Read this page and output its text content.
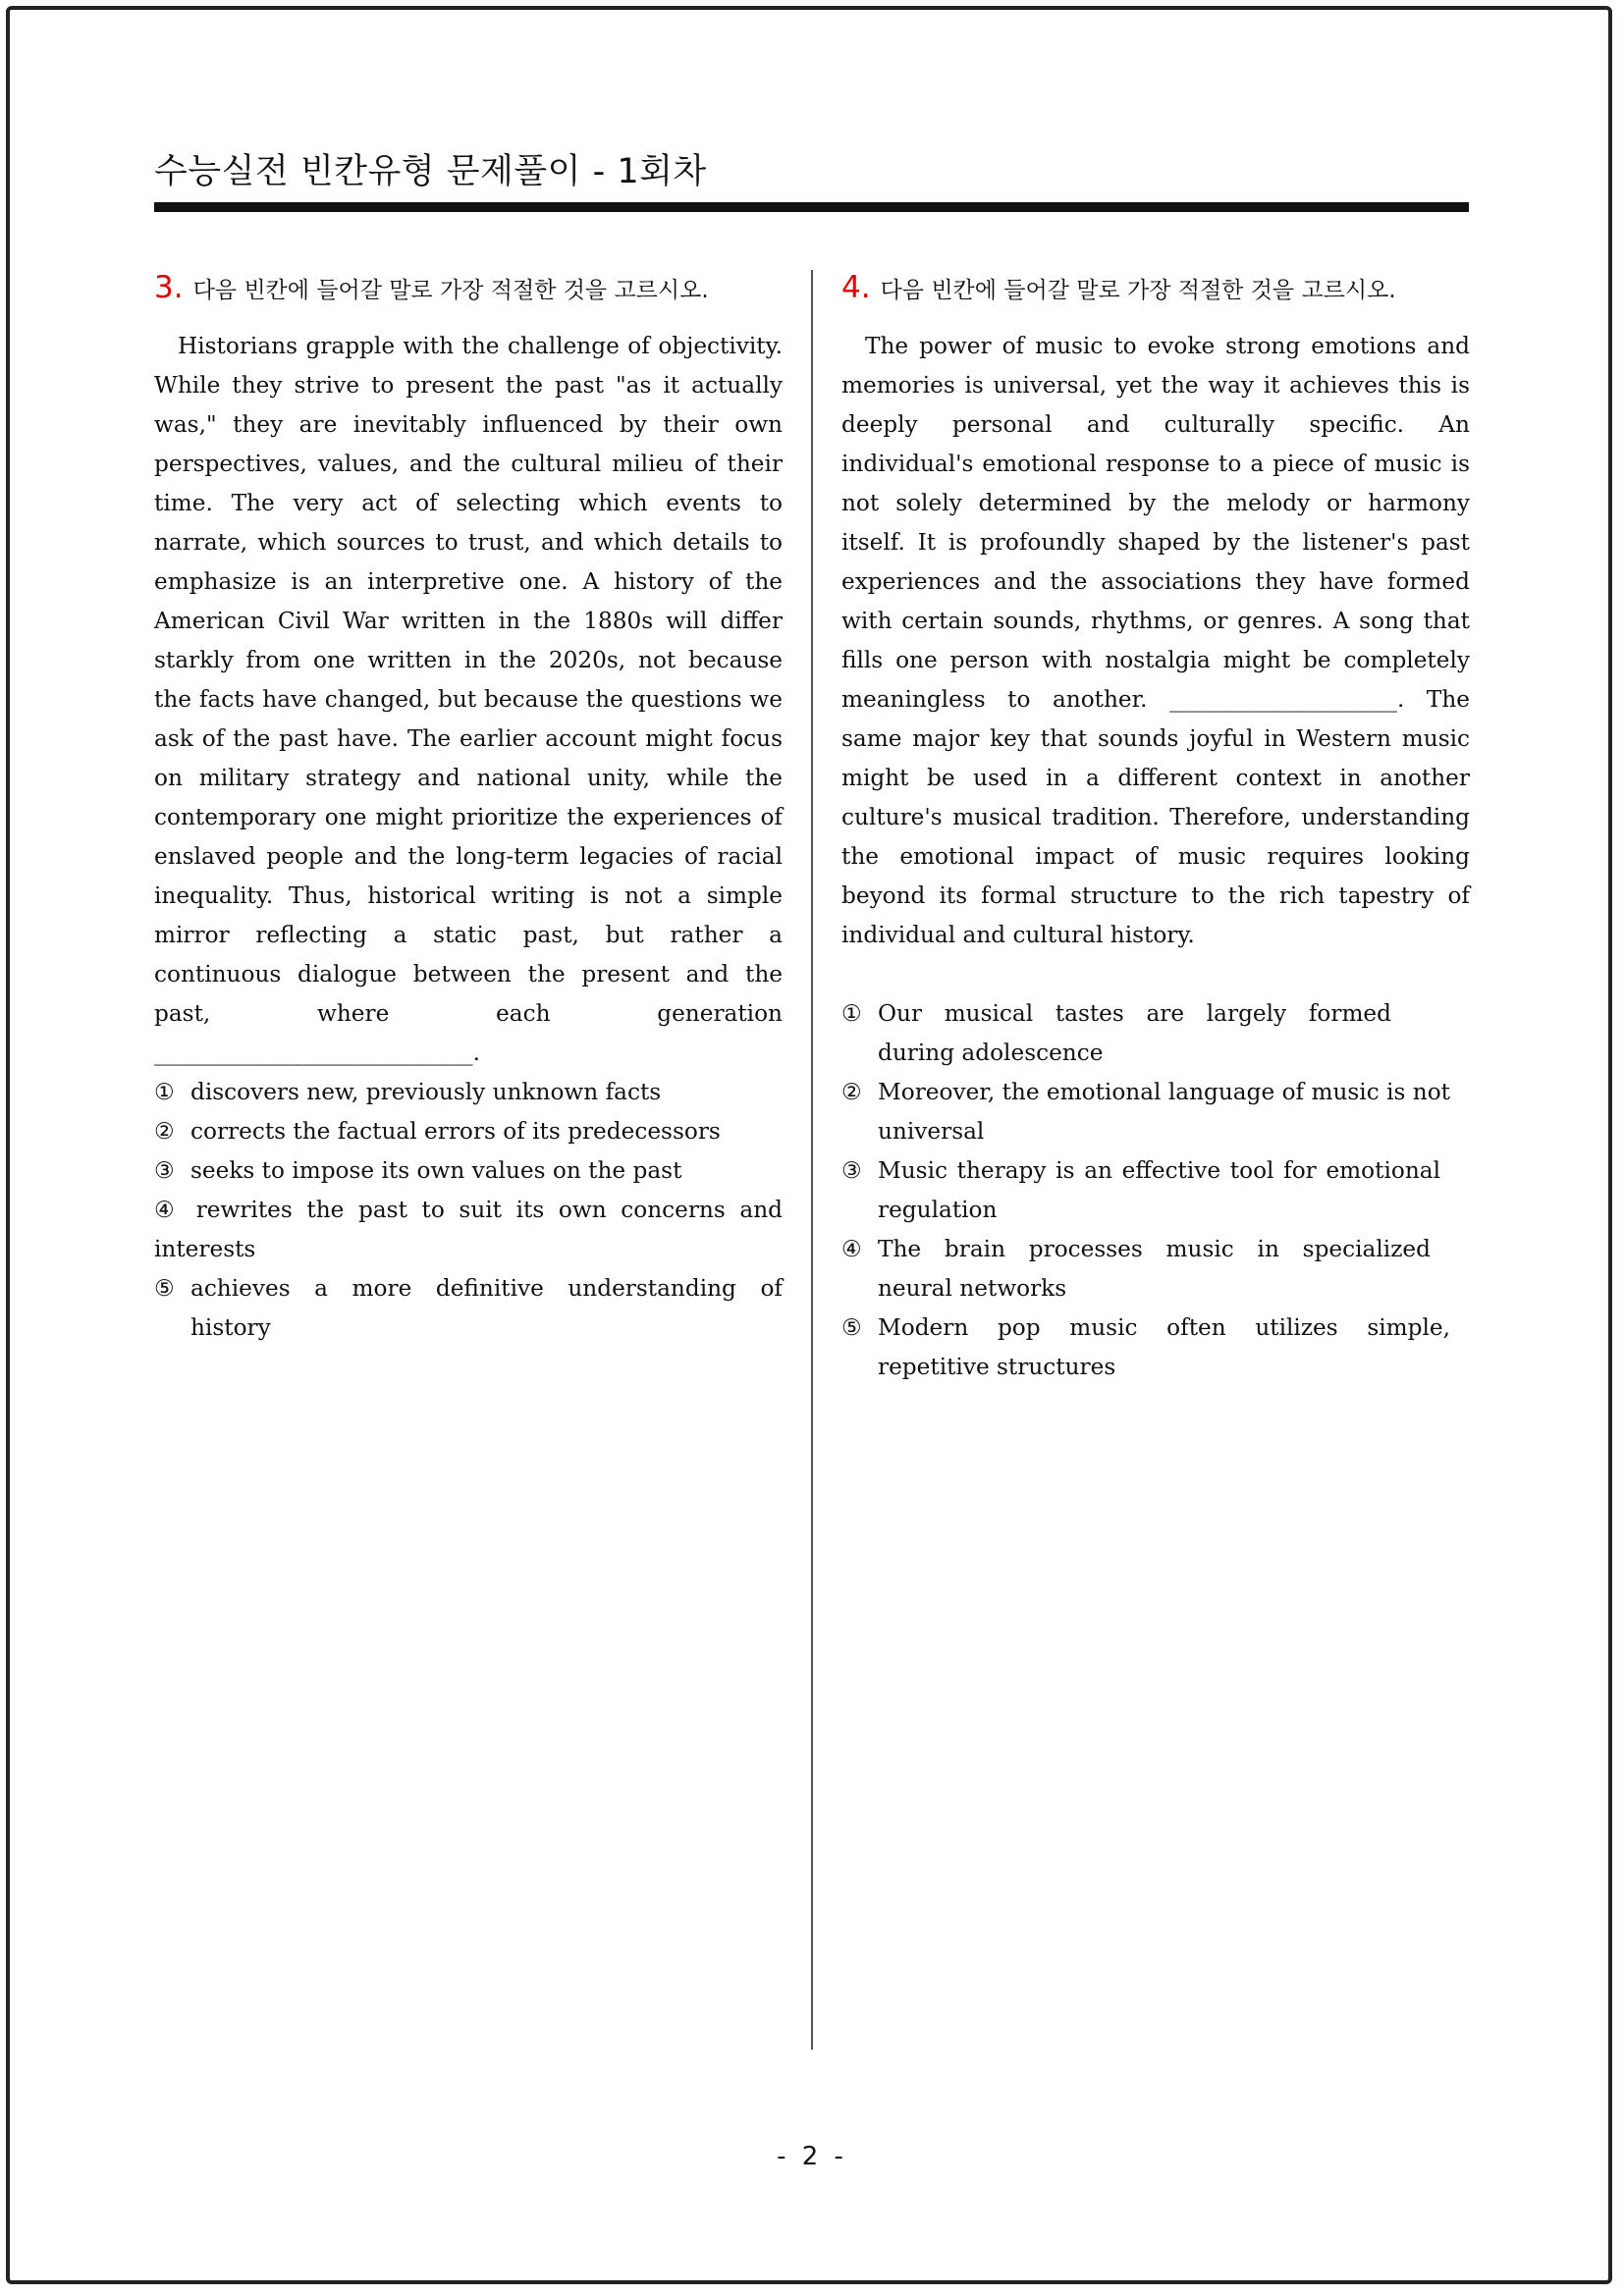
수능실전 빈칸유형 문제풀이 - 1회차
3. 다음 빈칸에 들어갈 말로 가장 적절한 것을 고르시오.

Historians grapple with the challenge of objectivity. While they strive to present the past "as it actually was," they are inevitably influenced by their own perspectives, values, and the cultural milieu of their time. The very act of selecting which events to narrate, which sources to trust, and which details to emphasize is an interpretive one. A history of the American Civil War written in the 1880s will differ starkly from one written in the 2020s, not because the facts have changed, but because the questions we ask of the past have. The earlier account might focus on military strategy and national unity, while the contemporary one might prioritize the experiences of enslaved people and the long-term legacies of racial inequality. Thus, historical writing is not a simple mirror reflecting a static past, but rather a continuous dialogue between the present and the past, where each generation ____________________________.

① discovers new, previously unknown facts
② corrects the factual errors of its predecessors
③ seeks to impose its own values on the past
④ rewrites the past to suit its own concerns and interests
⑤ achieves a more definitive understanding of history
4. 다음 빈칸에 들어갈 말로 가장 적절한 것을 고르시오.

The power of music to evoke strong emotions and memories is universal, yet the way it achieves this is deeply personal and culturally specific. An individual's emotional response to a piece of music is not solely determined by the melody or harmony itself. It is profoundly shaped by the listener's past experiences and the associations they have formed with certain sounds, rhythms, or genres. A song that fills one person with nostalgia might be completely meaningless to another. ____________________. The same major key that sounds joyful in Western music might be used in a different context in another culture's musical tradition. Therefore, understanding the emotional impact of music requires looking beyond its formal structure to the rich tapestry of individual and cultural history.

① Our musical tastes are largely formed during adolescence
② Moreover, the emotional language of music is not universal
③ Music therapy is an effective tool for emotional regulation
④ The brain processes music in specialized neural networks
⑤ Modern pop music often utilizes simple, repetitive structures
- 2 -
